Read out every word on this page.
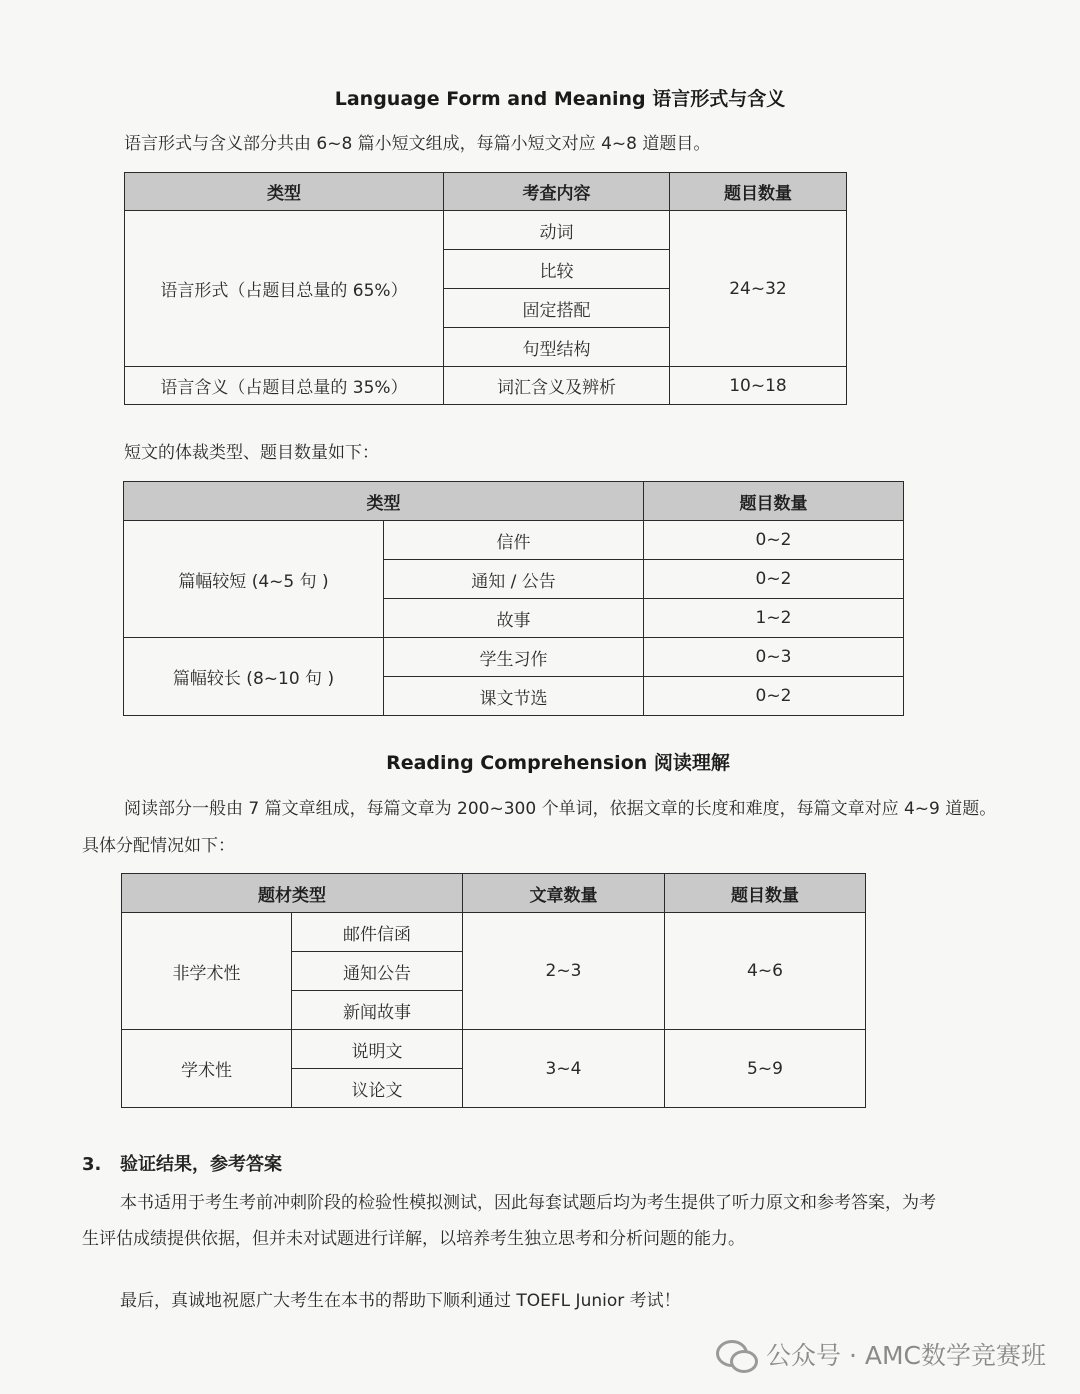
Language Form and Meaning 语言形式与含义
语言形式与含义部分共由 6~8 篇小短文组成，每篇小短文对应 4~8 道题目。
类型	考查内容	题目数量
语言形式（占题目总量的 65%）	动词	24~32
	比较	
	固定搭配	
	句型结构	
语言含义（占题目总量的 35%）	词汇含义及辨析	10~18
短文的体裁类型、题目数量如下：
类型		题目数量
篇幅较短 (4~5 句 )	信件	0~2
	通知 / 公告	0~2
	故事	1~2
篇幅较长 (8~10 句 )	学生习作	0~3
	课文节选	0~2
Reading Comprehension 阅读理解
阅读部分一般由 7 篇文章组成，每篇文章为 200~300 个单词，依据文章的长度和难度，每篇文章对应 4~9 道题。
具体分配情况如下：
题材类型		文章数量	题目数量
非学术性	邮件信函	2~3	4~6
	通知公告		
	新闻故事		
学术性	说明文	3~4	5~9
	议论文		
3. 验证结果，参考答案
本书适用于考生考前冲刺阶段的检验性模拟测试，因此每套试题后均为考生提供了听力原文和参考答案，为考
生评估成绩提供依据，但并未对试题进行详解，以培养考生独立思考和分析问题的能力。
最后，真诚地祝愿广大考生在本书的帮助下顺利通过 TOEFL Junior 考试！
公众号 · AMC数学竞赛班
